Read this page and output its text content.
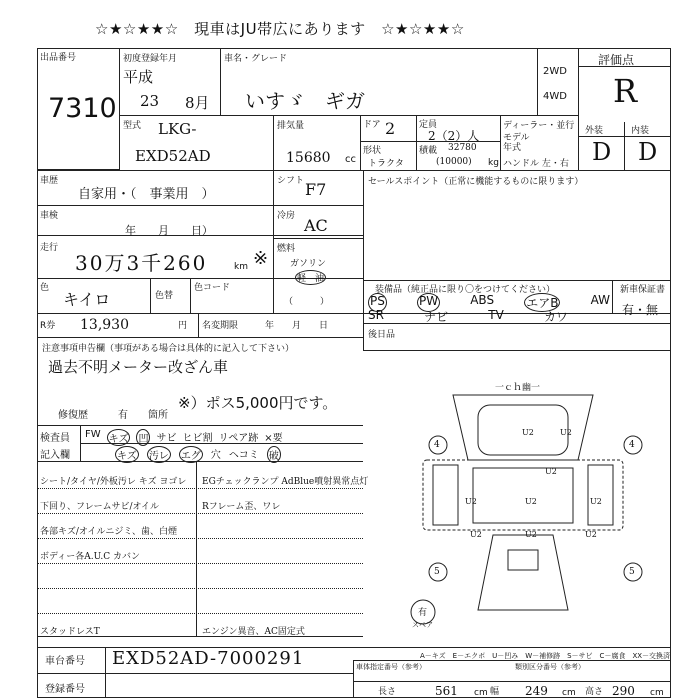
☆★☆★★☆　現車はJU帯広にあります　☆★☆★★☆
出品番号
7310
初度登録年月
平成
23 8月
車名・グレード
いすゞ　ギガ
2WD
4WD
評価点
R
型式 LKG-
EXD52AD
排気量
15680 cc
ドア 2	定員
2（2）人
形状
トラクタ
積載 32780
(10000) kg
ディーラー・並行
モデル年式
ハンドル 左・右
外装	内装
D D
車歴
自家用・（　事業用　）
シフト F7
車検
年　　月　　日）
冷房 AC
走行
30万3千260	km ※ 燃料
ガソリン
軽　油
（　　　）
色
キイロ	色替
色コード
セールスポイント（正常に機能するものに限ります）
装備品（純正品に限り〇をつけてください）	新車保証書
有・無
PS	PW	ABS	エアB	AW
SR	ナビ	TV	カワ
R券 13,930	円 名変期限	年　　月　　日
後日品
注意事項申告欄（事項がある場合は具体的に記入して下さい）
過去不明メーター改ざん車
※）ポス5,000円です。
修復歴	有 箇所
検査員
記入欄
FW キズ 凹 サビ ヒビ割 リペア跡 ×要
キズ 汚レ エグ 穴 ヘコミ 破
シート/タイヤ/外板汚レ キズ ヨゴレ EGチェックランプ AdBlue噴射異常点灯
下回り、フレームサビ/オイル	Rフレーム歪、ワレ
各部キズ/オイルニジミ、歯、白煙
ボディー各A.U.C カバン
スタッドレスT	エンジン異音、AC固定式
一ｃｈ幽一
4	4
5	5
有
スペア
U2	U2
U2	U2	U2
U2	U2	U2
U2
A－キズ　E－エクボ　U－凹み　W－補修跡　S－サビ　C－腐食　XX－交換済
車台番号 EXD52AD-7000291
登録番号
車体指定番号（参考）	類別区分番号（参考）
長さ	561 cm 幅 249 cm 高さ 290 cm
